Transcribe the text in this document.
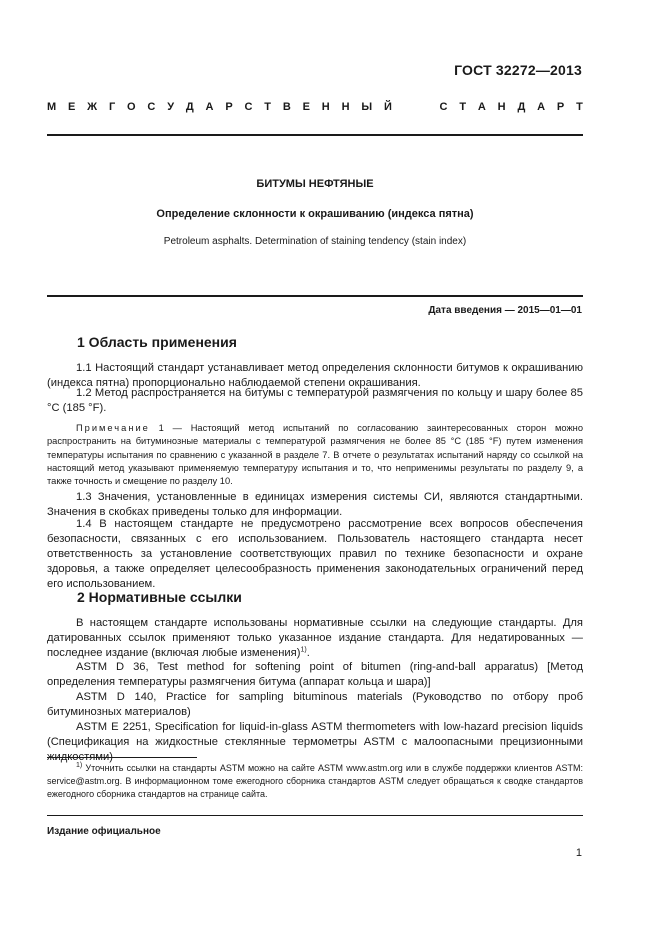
ГОСТ 32272—2013
М Е Ж Г О С У Д А Р С Т В Е Н Н Ы Й	С Т А Н Д А Р Т
БИТУМЫ НЕФТЯНЫЕ
Определение склонности к окрашиванию (индекса пятна)
Petroleum asphalts. Determination of staining tendency (stain index)
Дата введения — 2015—01—01
1 Область применения

1.1 Настоящий стандарт устанавливает метод определения склонности битумов к окрашиванию (индекса пятна) пропорционально наблюдаемой степени окрашивания.

1.2 Метод распространяется на битумы с температурой размягчения по кольцу и шару более 85 °С (185 °F).

Примечание 1 — Настоящий метод испытаний по согласованию заинтересованных сторон можно распространить на битуминозные материалы с температурой размягчения не более 85 °С (185 °F) путем изменения температуры испытания по сравнению с указанной в разделе 7. В отчете о результатах испытаний наряду со ссылкой на настоящий метод указывают применяемую температуру испытания и то, что неприменимы результаты по разделу 9, а также точность и смещение по разделу 10.

1.3 Значения, установленные в единицах измерения системы СИ, являются стандартными. Значения в скобках приведены только для информации.

1.4 В настоящем стандарте не предусмотрено рассмотрение всех вопросов обеспечения безопасности, связанных с его использованием. Пользователь настоящего стандарта несет ответственность за установление соответствующих правил по технике безопасности и охране здоровья, а также определяет целесообразность применения законодательных ограничений перед его использованием.

2 Нормативные ссылки

В настоящем стандарте использованы нормативные ссылки на следующие стандарты. Для датированных ссылок применяют только указанное издание стандарта. Для недатированных — последнее издание (включая любые изменения)$^{1)}$.

ASTM D 36, Test method for softening point of bitumen (ring-and-ball apparatus) [Метод определения температуры размягчения битума (аппарат кольца и шара)]

ASTM D 140, Practice for sampling bituminous materials (Руководство по отбору проб битуминозных материалов)

ASTM E 2251, Specification for liquid-in-glass ASTM thermometers with low-hazard precision liquids (Спецификация на жидкостные стеклянные термометры ASTM с малоопасными прецизионными жидкостями)

$^{1)}$ Уточнить ссылки на стандарты ASTM можно на сайте ASTM www.astm.org или в службе поддержки клиентов ASTM: service@astm.org. В информационном томе ежегодного сборника стандартов ASTM следует обращаться к сводке стандартов ежегодного сборника стандартов на странице сайта.

Издание официальное
1
